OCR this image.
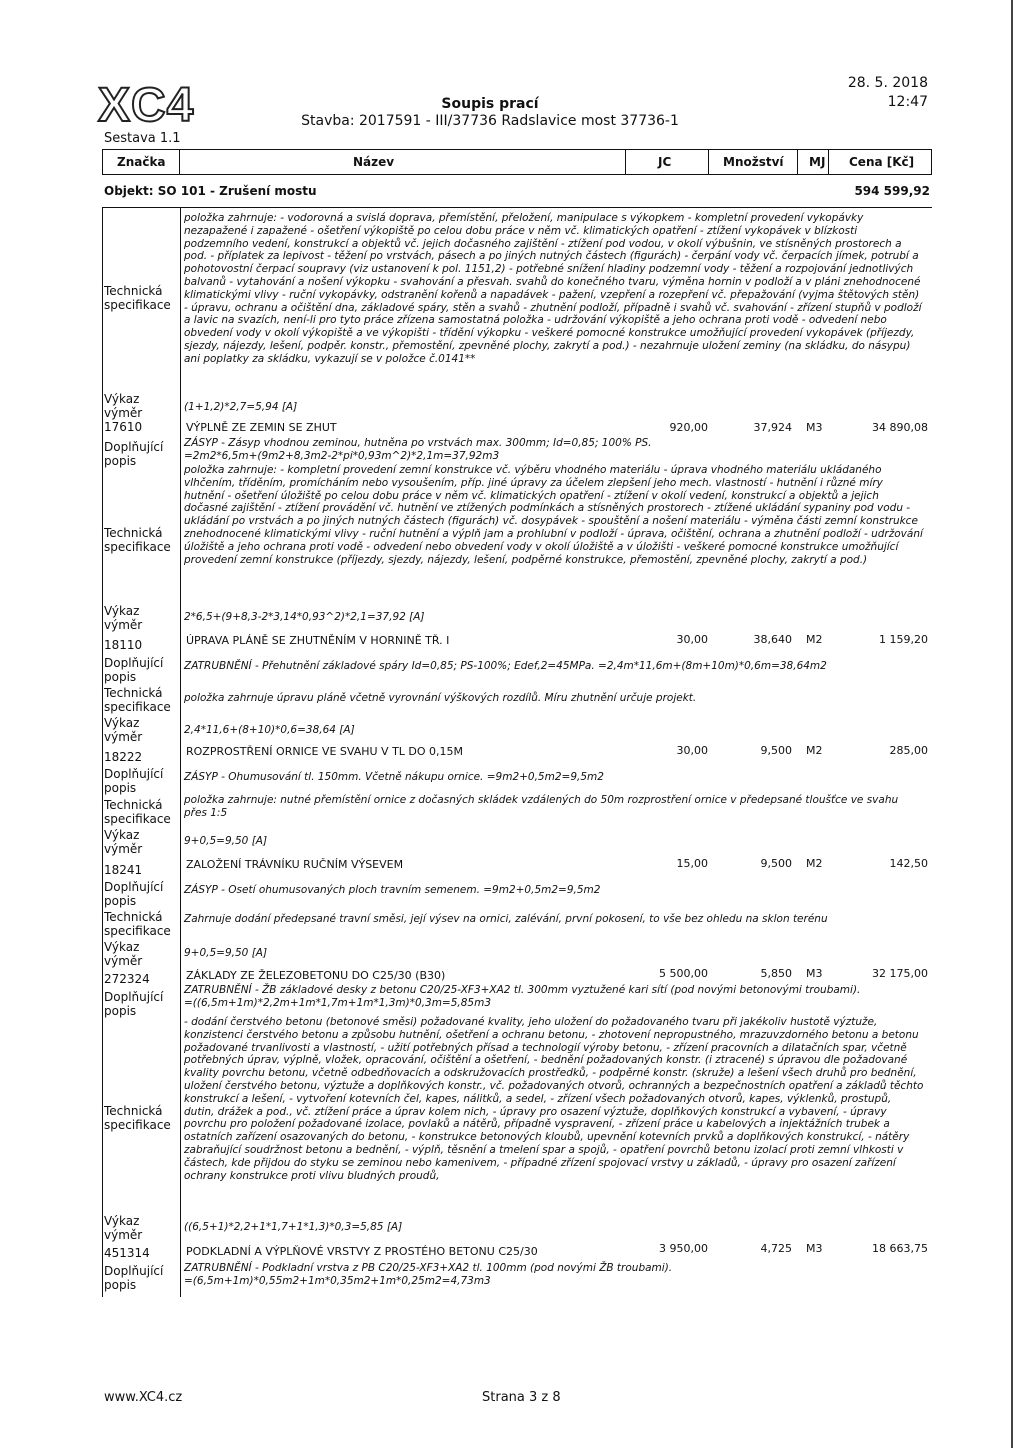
XC4
Sestava 1.1
Soupis prací
Stavba: 2017591 - III/37736 Radslavice most 37736-1
28. 5. 2018
12:47
Značka	Název	JC	Množství MJ Cena [Kč]
Objekt: SO 101 - Zrušení mostu	594 599,92
položka zahrnuje: - vodorovná a svislá doprava, přemístění, přeložení, manipulace s výkopkem - kompletní provedení vykopávky nezapažené i zapažené - ošetření výkopiště po celou dobu práce v něm vč. klimatických opatření - ztížení vykopávek v blízkosti podzemního vedení, konstrukcí a objektů vč. jejich dočasného zajištění - ztížení pod vodou, v okolí výbušnin, ve stísněných prostorech a pod. - příplatek za lepivost - těžení po vrstvách, pásech a po jiných nutných částech (figurách) - čerpání vody vč. čerpacích jímek, potrubí a pohotovostní čerpací soupravy (viz ustanovení k pol. 1151,2) - potřebné snížení hladiny podzemní vody - těžení a rozpojování jednotlivých balvanů - vytahování a nošení výkopku - svahování a přesvah. svahů do konečného tvaru, výměna hornin v podloží a v pláni znehodnocené klimatickými vlivy - ruční vykopávky, odstranění kořenů a napadávek - pažení, vzepření a rozepření vč. přepažování (vyjma štětových stěn) - úpravu, ochranu a očištění dna, základové spáry, stěn a svahů - zhutnění podloží, případně i svahů vč. svahování - zřízení stupňů v podloží a lavic na svazích, není-li pro tyto práce zřízena samostatná položka - udržování výkopiště a jeho ochrana proti vodě - odvedení nebo obvedení vody v okolí výkopiště a ve výkopišti - třídění výkopku - veškeré pomocné konstrukce umožňující provedení vykopávek (příjezdy, sjezdy, nájezdy, lešení, podpěr. konstr., přemostění, zpevněné plochy, zakrytí a pod.) - nezahrnuje uložení zeminy (na skládku, do násypu) ani poplatky za skládku, vykazují se v položce č.0141**
Technická
specifikace
Výkaz
výměr	(1+1,2)*2,7=5,94 [A]
17610	VÝPLNĚ ZE ZEMIN SE ZHUT	920,00	37,924 M3	34 890,08
Doplňující
popis
ZÁSYP - Zásyp vhodnou zeminou, hutněna po vrstvách max. 300mm; Id=0,85; 100% PS.
=2m2*6,5m+(9m2+8,3m2-2*pi*0,93m^2)*2,1m=37,92m3
Technická
specifikace
položka zahrnuje: - kompletní provedení zemní konstrukce vč. výběru vhodného materiálu - úprava vhodného materiálu ukládaného vlhčením, tříděním, promícháním nebo vysoušením, příp. jiné úpravy za účelem zlepšení jeho mech. vlastností - hutnění i různé míry hutnění - ošetření úložiště po celou dobu práce v něm vč. klimatických opatření - ztížení v okolí vedení, konstrukcí a objektů a jejich dočasné zajištění - ztížení provádění vč. hutnění ve ztížených podmínkách a stísněných prostorech - ztížené ukládání sypaniny pod vodu - ukládání po vrstvách a po jiných nutných částech (figurách) vč. dosypávek - spouštění a nošení materiálu - výměna části zemní konstrukce znehodnocené klimatickými vlivy - ruční hutnění a výplň jam a prohlubní v podloží - úprava, očištění, ochrana a zhutnění podloží - udržování úložiště a jeho ochrana proti vodě - odvedení nebo obvedení vody v okolí úložiště a v úložišti - veškeré pomocné konstrukce umožňující provedení zemní konstrukce (příjezdy, sjezdy, nájezdy, lešení, podpěrné konstrukce, přemostění, zpevněné plochy, zakrytí a pod.)
Výkaz
výměr
2*6,5+(9+8,3-2*3,14*0,93^2)*2,1=37,92 [A]
18110	ÚPRAVA PLÁNĚ SE ZHUTNĚNÍM V HORNINĚ TŘ. I	30,00	38,640 M2	1 159,20
Doplňující
popis
ZATRUBNĚNÍ - Přehutnění základové spáry Id=0,85; PS-100%; Edef,2=45MPa. =2,4m*11,6m+(8m+10m)*0,6m=38,64m2
Technická
specifikace
položka zahrnuje úpravu pláně včetně vyrovnání výškových rozdílů. Míru zhutnění určuje projekt.
Výkaz
výměr	2,4*11,6+(8+10)*0,6=38,64 [A]
18222	ROZPROSTŘENÍ ORNICE VE SVAHU V TL DO 0,15M	30,00	9,500 M2	285,00
Doplňující
popis
ZÁSYP - Ohumusování tl. 150mm. Včetně nákupu ornice. =9m2+0,5m2=9,5m2
Technická
specifikace
položka zahrnuje: nutné přemístění ornice z dočasných skládek vzdálených do 50m rozprostření ornice v předepsané tloušťce ve svahu přes 1:5
Výkaz
výměr
9+0,5=9,50 [A]
18241	ZALOŽENÍ TRÁVNÍKU RUČNÍM VÝSEVEM	15,00	9,500 M2	142,50
Doplňující
popis
ZÁSYP - Osetí ohumusovaných ploch travním semenem. =9m2+0,5m2=9,5m2
Technická
specifikace
Zahrnuje dodání předepsané travní směsi, její výsev na ornici, zalévání, první pokosení, to vše bez ohledu na sklon terénu
Výkaz
výměr
9+0,5=9,50 [A]
272324	ZÁKLADY ZE ŽELEZOBETONU DO C25/30 (B30)	5 500,00	5,850 M3	32 175,00
Doplňující
popis
ZATRUBNĚNÍ - ŽB základové desky z betonu C20/25-XF3+XA2 tl. 300mm vyztužené kari sítí (pod novými betonovými troubami).
=((6,5m+1m)*2,2m+1m*1,7m+1m*1,3m)*0,3m=5,85m3
Technická
specifikace
- dodání čerstvého betonu (betonové směsi) požadované kvality, jeho uložení do požadovaného tvaru při jakékoliv hustotě výztuže, konzistenci čerstvého betonu a způsobu hutnění, ošetření a ochranu betonu, - zhotovení nepropustného, mrazuvzdorného betonu a betonu požadované trvanlivosti a vlastností, - užití potřebných přísad a technologií výroby betonu, - zřízení pracovních a dilatačních spar, včetně potřebných úprav, výplně, vložek, opracování, očištění a ošetření, - bednění požadovaných konstr. (i ztracené) s úpravou dle požadované kvality povrchu betonu, včetně odbedňovacích a odskružovacích prostředků, - podpěrné konstr. (skruže) a lešení všech druhů pro bednění, uložení čerstvého betonu, výztuže a doplňkových konstr., vč. požadovaných otvorů, ochranných a bezpečnostních opatření a základů těchto konstrukcí a lešení, - vytvoření kotevních čel, kapes, nálitků, a sedel, - zřízení všech požadovaných otvorů, kapes, výklenků, prostupů, dutin, drážek a pod., vč. ztížení práce a úprav kolem nich, - úpravy pro osazení výztuže, doplňkových konstrukcí a vybavení, - úpravy povrchu pro položení požadované izolace, povlaků a nátěrů, případně vyspravení, - zřízení práce u kabelových a injektážních trubek a ostatních zařízení osazovaných do betonu, - konstrukce betonových kloubů, upevnění kotevních prvků a doplňkových konstrukcí, - nátěry zabraňující soudržnost betonu a bednění, - výplň, těsnění a tmelení spar a spojů, - opatření povrchů betonu izolací proti zemní vlhkosti v částech, kde přijdou do styku se zeminou nebo kamenivem, - případné zřízení spojovací vrstvy u základů, - úpravy pro osazení zařízení ochrany konstrukce proti vlivu bludných proudů,
Výkaz
výměr
((6,5+1)*2,2+1*1,7+1*1,3)*0,3=5,85 [A]
451314	PODKLADNÍ A VÝPLŇOVÉ VRSTVY Z PROSTÉHO BETONU C25/30	3 950,00	4,725 M3	18 663,75
Doplňující
popis
ZATRUBNĚNÍ - Podkladní vrstva z PB C20/25-XF3+XA2 tl. 100mm (pod novými ŽB troubami).
=(6,5m+1m)*0,55m2+1m*0,35m2+1m*0,25m2=4,73m3
www.XC4.cz	Strana 3 z 8
